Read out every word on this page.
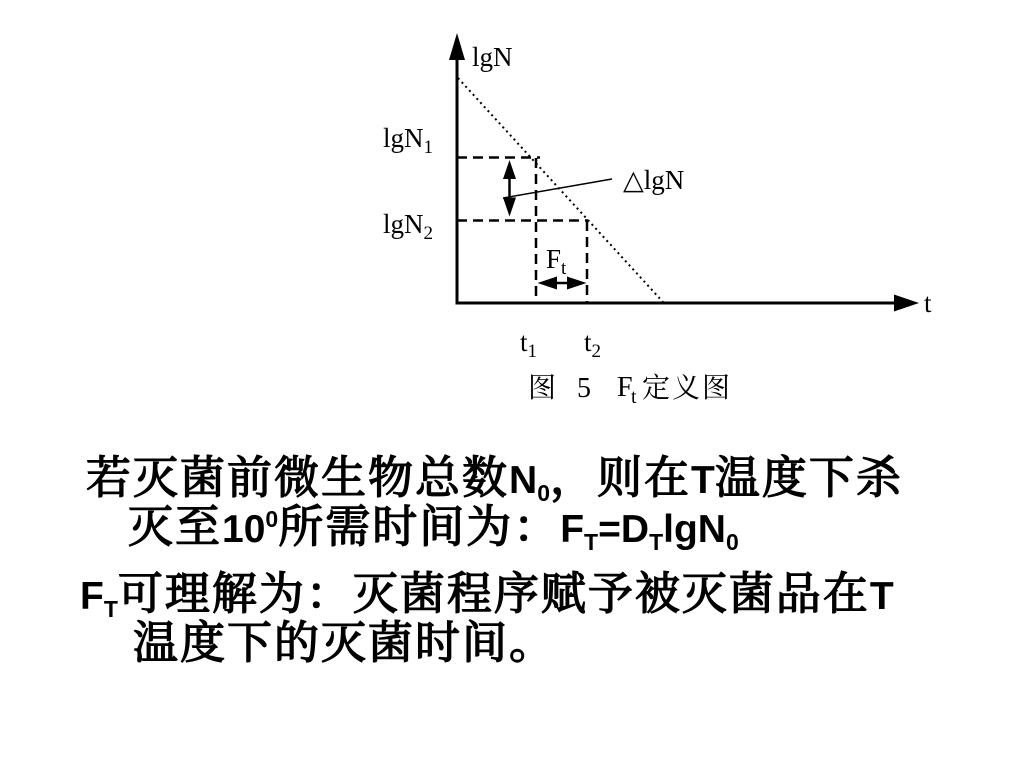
lgN
t
lgN$_1$
lgN$_2$
△lgN
$F_t$
$t_1$ $t_2$
图 5 F
t 定义图

若灭菌前微生物总数$N_0$，则在T温度下杀
灭至$10^0$所需时间为：$F_T=D_T\lg N_0$

$F_T$可理解为：灭菌程序赋予被灭菌品在T
温度下的灭菌时间。
